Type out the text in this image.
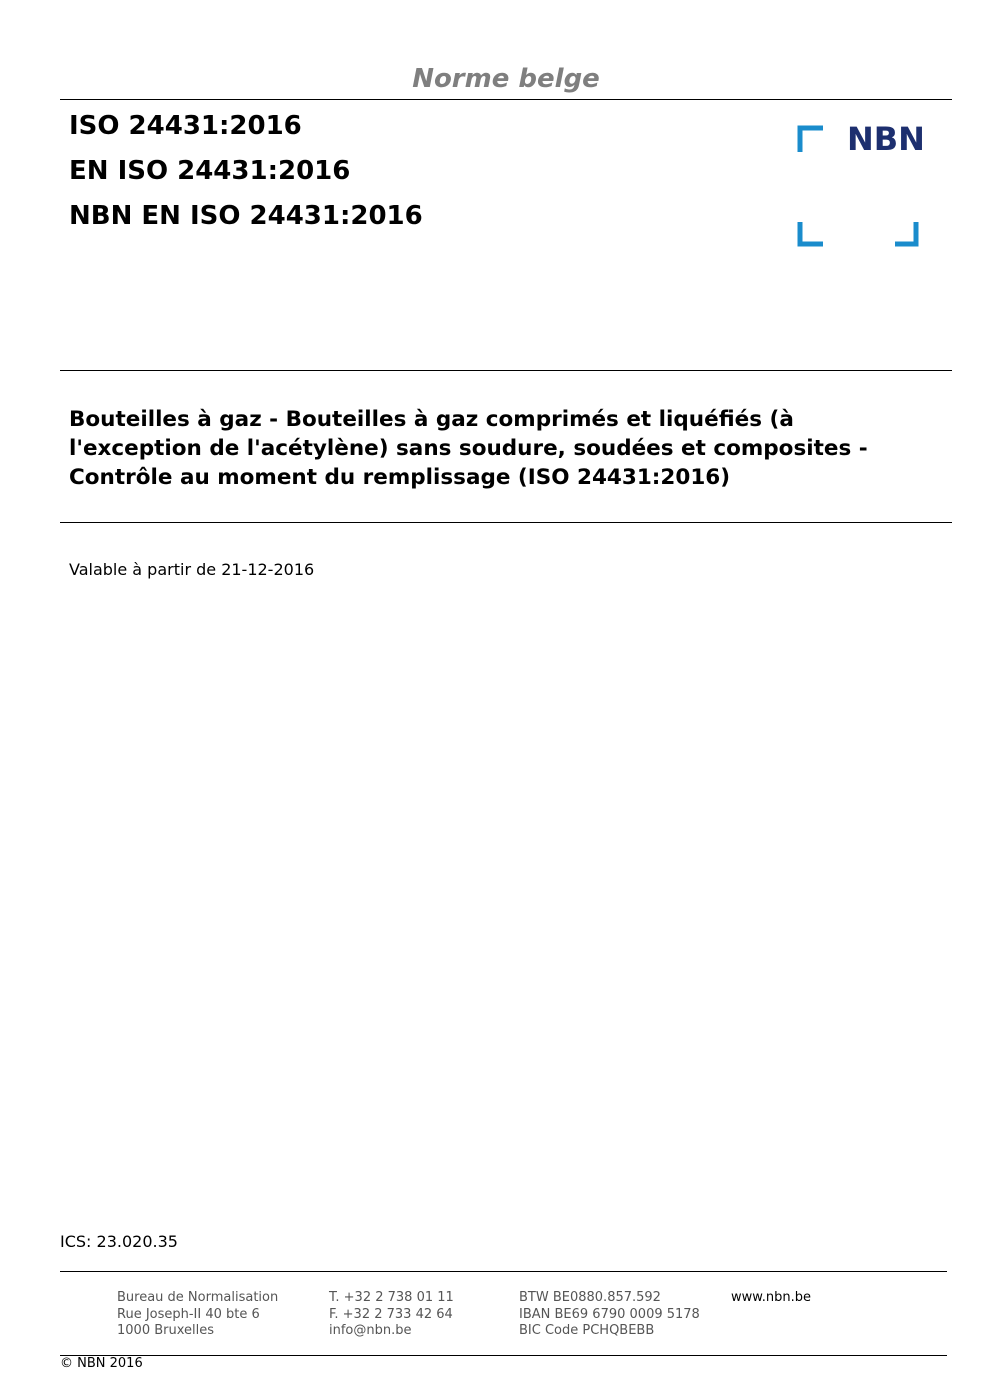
Norme belge
ISO 24431:2016
EN ISO 24431:2016
NBN EN ISO 24431:2016
NBN
Bouteilles à gaz - Bouteilles à gaz comprimés et liquéfiés (à
l'exception de l'acétylène) sans soudure, soudées et composites -
Contrôle au moment du remplissage (ISO 24431:2016)
Valable à partir de 21-12-2016
ICS: 23.020.35
Bureau de Normalisation
Rue Joseph-II 40 bte 6
1000 Bruxelles
T. +32 2 738 01 11
F. +32 2 733 42 64
info@nbn.be
BTW BE0880.857.592
IBAN BE69 6790 0009 5178
BIC Code PCHQBEBB
www.nbn.be
© NBN 2016
